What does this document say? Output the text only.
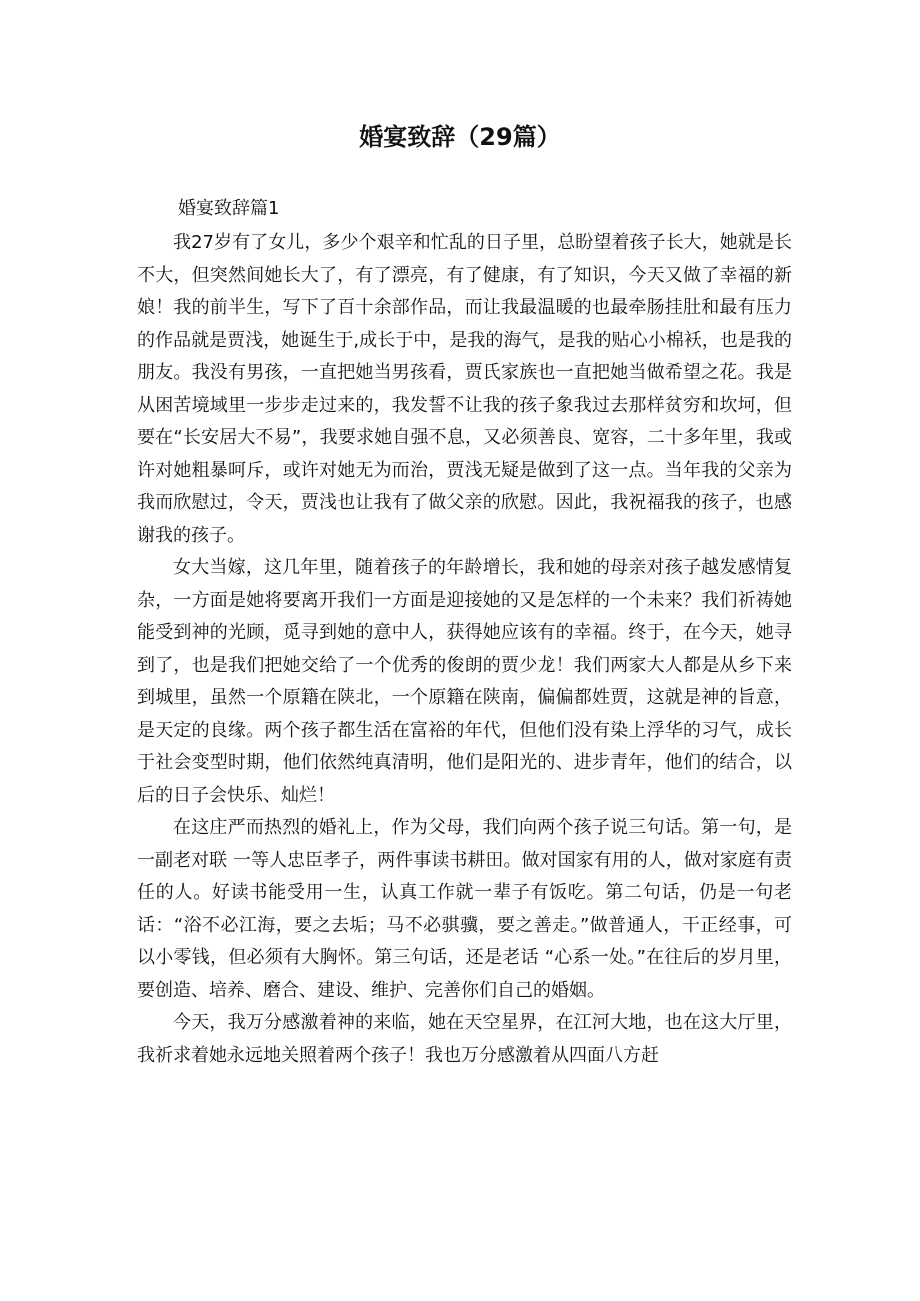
婚宴致辞（29篇）
婚宴致辞篇1

我27岁有了女儿，多少个艰辛和忙乱的日子里，总盼望着孩子长大，她就是长不大，但突然间她长大了，有了漂亮，有了健康，有了知识，今天又做了幸福的新娘！我的前半生，写下了百十余部作品，而让我最温暖的也最牵肠挂肚和最有压力的作品就是贾浅，她诞生于,成长于中，是我的海气，是我的贴心小棉袄，也是我的朋友。我没有男孩，一直把她当男孩看，贾氏家族也一直把她当做希望之花。我是从困苦境域里一步步走过来的，我发誓不让我的孩子象我过去那样贫穷和坎坷，但要在“长安居大不易”，我要求她自强不息，又必须善良、宽容，二十多年里，我或许对她粗暴呵斥，或许对她无为而治，贾浅无疑是做到了这一点。当年我的父亲为我而欣慰过，令天，贾浅也让我有了做父亲的欣慰。因此，我祝福我的孩子，也感谢我的孩子。

女大当嫁，这几年里，随着孩子的年龄增长，我和她的母亲对孩子越发感情复杂，一方面是她将要离开我们一方面是迎接她的又是怎样的一个未来？我们祈祷她能受到神的光顾，觅寻到她的意中人，获得她应该有的幸福。终于，在今天，她寻到了，也是我们把她交给了一个优秀的俊朗的贾少龙！我们两家大人都是从乡下来到城里，虽然一个原籍在陕北，一个原籍在陕南，偏偏都姓贾，这就是神的旨意，是天定的良缘。两个孩子都生活在富裕的年代，但他们没有染上浮华的习气，成长于社会变型时期，他们依然纯真清明，他们是阳光的、进步青年，他们的结合，以后的日子会快乐、灿烂！

在这庄严而热烈的婚礼上，作为父母，我们向两个孩子说三句话。第一句，是一副老对联 一等人忠臣孝子，两件事读书耕田。做对国家有用的人，做对家庭有责任的人。好读书能受用一生，认真工作就一辈子有饭吃。第二句话，仍是一句老话：“浴不必江海，要之去垢；马不必骐骥，要之善走。”做普通人，干正经事，可以小零钱，但必须有大胸怀。第三句话，还是老话 “心系一处。”在往后的岁月里，要创造、培养、磨合、建设、维护、完善你们自己的婚姻。

今天，我万分感激着神的来临，她在天空星界，在江河大地，也在这大厅里，我祈求着她永远地关照着两个孩子！我也万分感激着从四面八方赶
